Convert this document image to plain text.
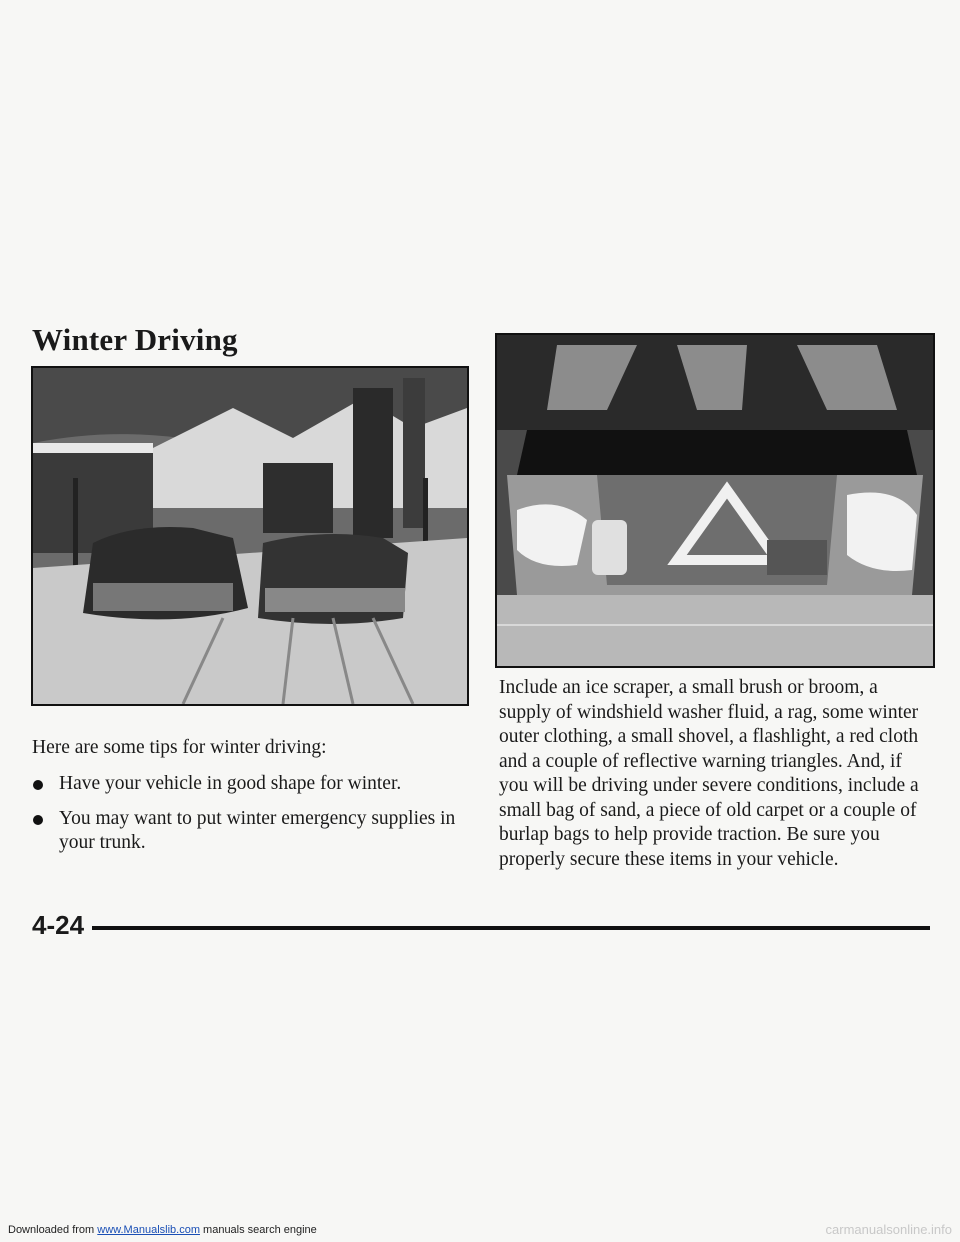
Winter Driving
Here are some tips for winter driving:
Have your vehicle in good shape for winter.
You may want to put winter emergency supplies in your trunk.
Include an ice scraper, a small brush or broom, a supply of windshield washer fluid, a rag, some winter outer clothing, a small shovel, a flashlight, a red cloth and a couple of reflective warning triangles. And, if you will be driving under severe conditions, include a small bag of sand, a piece of old carpet or a couple of burlap bags to help provide traction. Be sure you properly secure these items in your vehicle.
4-24
Downloaded from www.Manualslib.com manuals search engine	carmanualsonline.info
